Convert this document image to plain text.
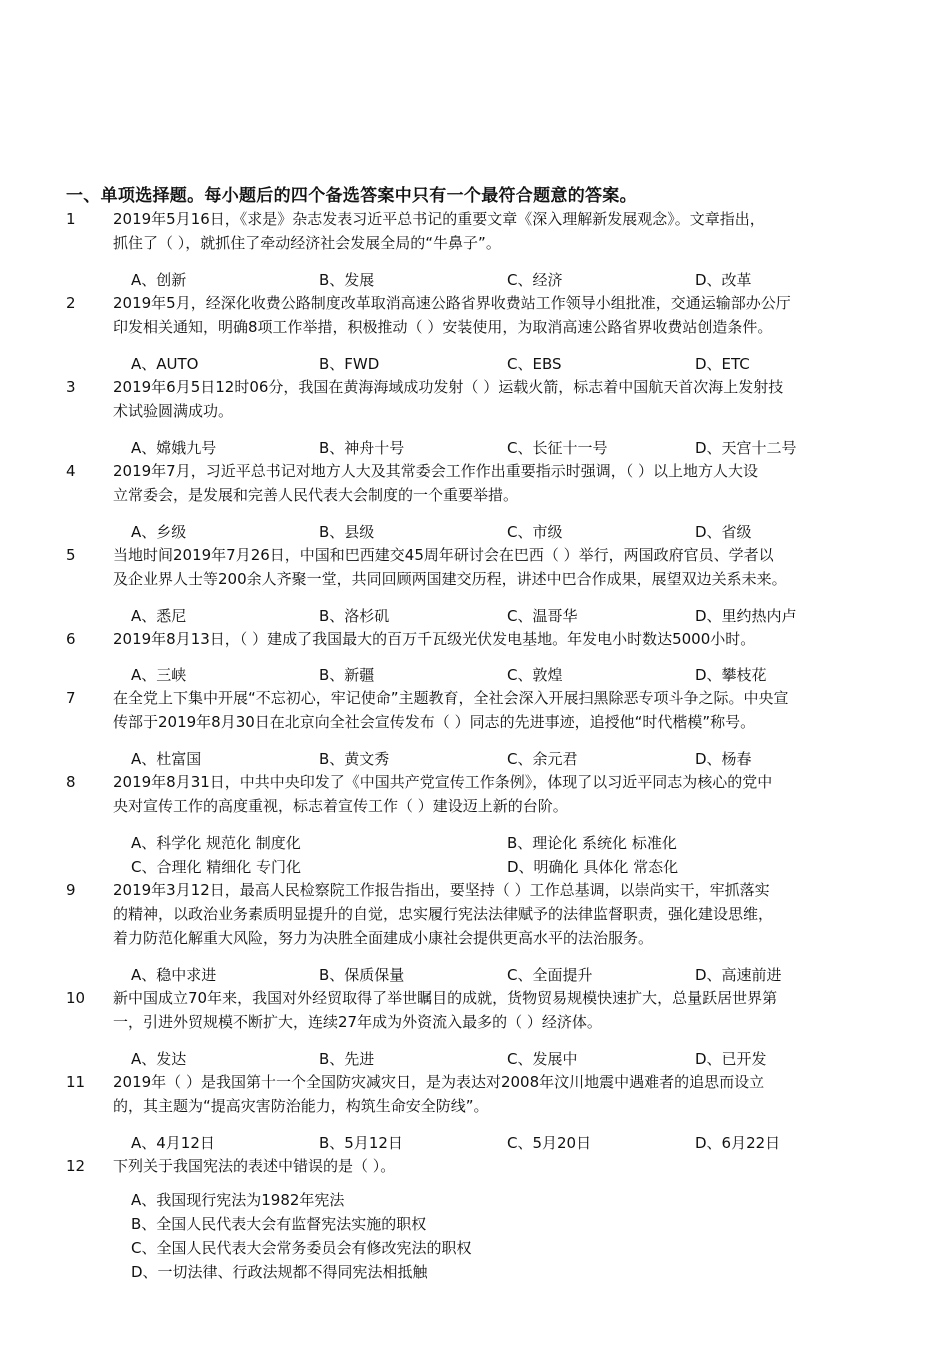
一、单项选择题。每小题后的四个备选答案中只有一个最符合题意的答案。
1 2019年5月16日，《求是》杂志发表习近平总书记的重要文章《深入理解新发展观念》。文章指出，
抓住了（ ），就抓住了牵动经济社会发展全局的“牛鼻子”。
A、创新	B、发展	C、经济	D、改革
2 2019年5月，经深化收费公路制度改革取消高速公路省界收费站工作领导小组批准，交通运输部办公厅
印发相关通知，明确8项工作举措，积极推动（ ）安装使用，为取消高速公路省界收费站创造条件。
A、AUTO	B、FWD	C、EBS	D、ETC
3 2019年6月5日12时06分，我国在黄海海域成功发射（ ）运载火箭，标志着中国航天首次海上发射技
术试验圆满成功。
A、嫦娥九号	B、神舟十号	C、长征十一号	D、天宫十二号
4 2019年7月，习近平总书记对地方人大及其常委会工作作出重要指示时强调，（ ）以上地方人大设
立常委会，是发展和完善人民代表大会制度的一个重要举措。
A、乡级	B、县级	C、市级	D、省级
5 当地时间2019年7月26日，中国和巴西建交45周年研讨会在巴西（ ）举行，两国政府官员、学者以
及企业界人士等200余人齐聚一堂，共同回顾两国建交历程，讲述中巴合作成果，展望双边关系未来。
A、悉尼	B、洛杉矶	C、温哥华	D、里约热内卢
6 2019年8月13日，（ ）建成了我国最大的百万千瓦级光伏发电基地。年发电小时数达5000小时。
A、三峡	B、新疆	C、敦煌	D、攀枝花
7 在全党上下集中开展“不忘初心，牢记使命”主题教育，全社会深入开展扫黑除恶专项斗争之际。中央宣
传部于2019年8月30日在北京向全社会宣传发布（ ）同志的先进事迹，追授他“时代楷模”称号。
A、杜富国	B、黄文秀	C、余元君	D、杨春
8 2019年8月31日，中共中央印发了《中国共产党宣传工作条例》，体现了以习近平同志为核心的党中
央对宣传工作的高度重视，标志着宣传工作（ ）建设迈上新的台阶。
A、科学化 规范化 制度化	B、理论化 系统化 标准化
C、合理化 精细化 专门化	D、明确化 具体化 常态化
9 2019年3月12日，最高人民检察院工作报告指出，要坚持（ ）工作总基调，以崇尚实干，牢抓落实
的精神，以政治业务素质明显提升的自觉，忠实履行宪法法律赋予的法律监督职责，强化建设思维，
着力防范化解重大风险，努力为决胜全面建成小康社会提供更高水平的法治服务。
A、稳中求进	B、保质保量	C、全面提升	D、高速前进
10 新中国成立70年来，我国对外经贸取得了举世瞩目的成就，货物贸易规模快速扩大，总量跃居世界第
一，引进外贸规模不断扩大，连续27年成为外资流入最多的（ ）经济体。
A、发达	B、先进	C、发展中	D、已开发
11 2019年（ ）是我国第十一个全国防灾减灾日，是为表达对2008年汶川地震中遇难者的追思而设立
的，其主题为“提高灾害防治能力，构筑生命安全防线”。
A、4月12日	B、5月12日	C、5月20日	D、6月22日
12 下列关于我国宪法的表述中错误的是（ ）。
A、我国现行宪法为1982年宪法
B、全国人民代表大会有监督宪法实施的职权
C、全国人民代表大会常务委员会有修改宪法的职权
D、一切法律、行政法规都不得同宪法相抵触
